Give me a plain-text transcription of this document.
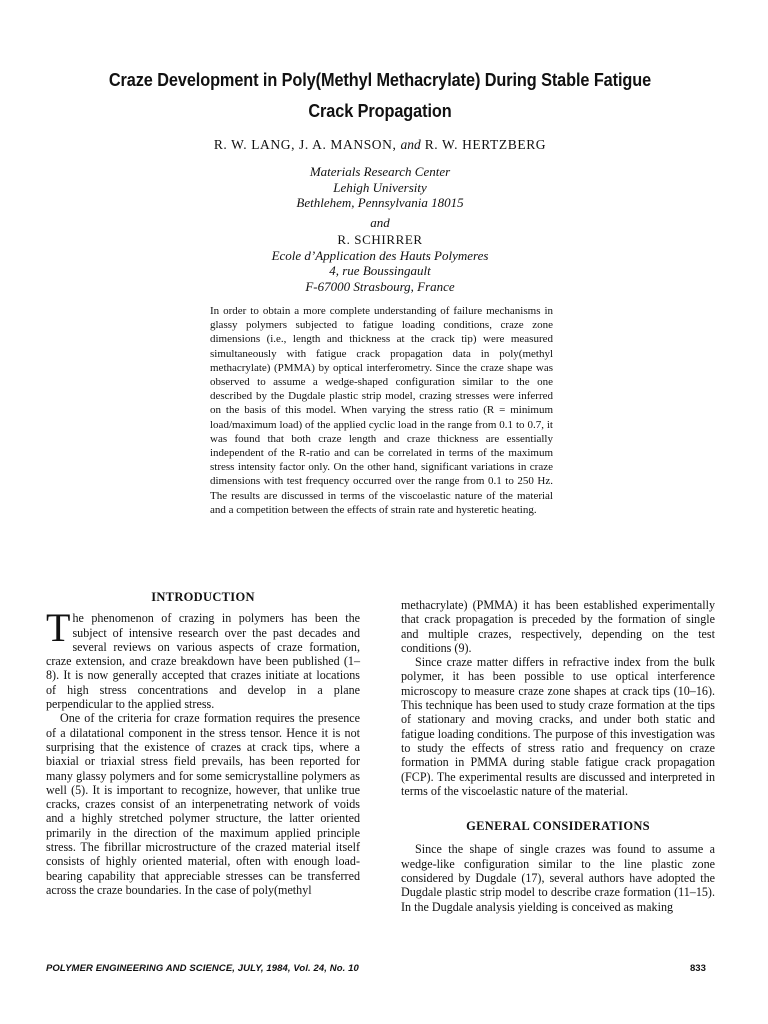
Craze Development in Poly(Methyl Methacrylate) During Stable Fatigue Crack Propagation
R. W. LANG, J. A. MANSON, and R. W. HERTZBERG
Materials Research Center
Lehigh University
Bethlehem, Pennsylvania 18015
and
R. SCHIRRER
Ecole d’Application des Hauts Polymeres
4, rue Boussingault
F-67000 Strasbourg, France
In order to obtain a more complete understanding of failure mechanisms in glassy polymers subjected to fatigue loading conditions, craze zone dimensions (i.e., length and thickness at the crack tip) were measured simultaneously with fatigue crack propagation data in poly(methyl methacrylate) (PMMA) by optical interferometry. Since the craze shape was observed to assume a wedge-shaped configuration similar to the one described by the Dugdale plastic strip model, crazing stresses were inferred on the basis of this model. When varying the stress ratio (R = minimum load/maximum load) of the applied cyclic load in the range from 0.1 to 0.7, it was found that both craze length and craze thickness are essentially independent of the R-ratio and can be correlated in terms of the maximum stress intensity factor only. On the other hand, significant variations in craze dimensions with test frequency occurred over the range from 0.1 to 250 Hz. The results are discussed in terms of the viscoelastic nature of the material and a competition between the effects of strain rate and hysteretic heating.
INTRODUCTION

The phenomenon of crazing in polymers has been the subject of intensive research over the past decades and several reviews on various aspects of craze formation, craze extension, and craze breakdown have been published (1–8). It is now generally accepted that crazes initiate at locations of high stress concentrations and develop in a plane perpendicular to the applied stress.

One of the criteria for craze formation requires the presence of a dilatational component in the stress tensor. Hence it is not surprising that the existence of crazes at crack tips, where a biaxial or triaxial stress field prevails, has been reported for many glassy polymers and for some semicrystalline polymers as well (5). It is important to recognize, however, that unlike true cracks, crazes consist of an interpenetrating network of voids and a highly stretched polymer structure, the latter oriented primarily in the direction of the maximum applied principle stress. The fibrillar microstructure of the crazed material itself consists of highly oriented material, often with enough load-bearing capability that appreciable stresses can be transferred across the craze boundaries. In the case of poly(methyl

methacrylate) (PMMA) it has been established experimentally that crack propagation is preceded by the formation of single and multiple crazes, respectively, depending on the test conditions (9).

Since craze matter differs in refractive index from the bulk polymer, it has been possible to use optical interference microscopy to measure craze zone shapes at crack tips (10–16). This technique has been used to study craze formation at the tips of stationary and moving cracks, and under both static and fatigue loading conditions. The purpose of this investigation was to study the effects of stress ratio and frequency on craze formation in PMMA during stable fatigue crack propagation (FCP). The experimental results are discussed and interpreted in terms of the viscoelastic nature of the material.

GENERAL CONSIDERATIONS

Since the shape of single crazes was found to assume a wedge-like configuration similar to the line plastic zone considered by Dugdale (17), several authors have adopted the Dugdale plastic strip model to describe craze formation (11–15). In the Dugdale analysis yielding is conceived as making

POLYMER ENGINEERING AND SCIENCE, JULY, 1984, Vol. 24, No. 10	833
